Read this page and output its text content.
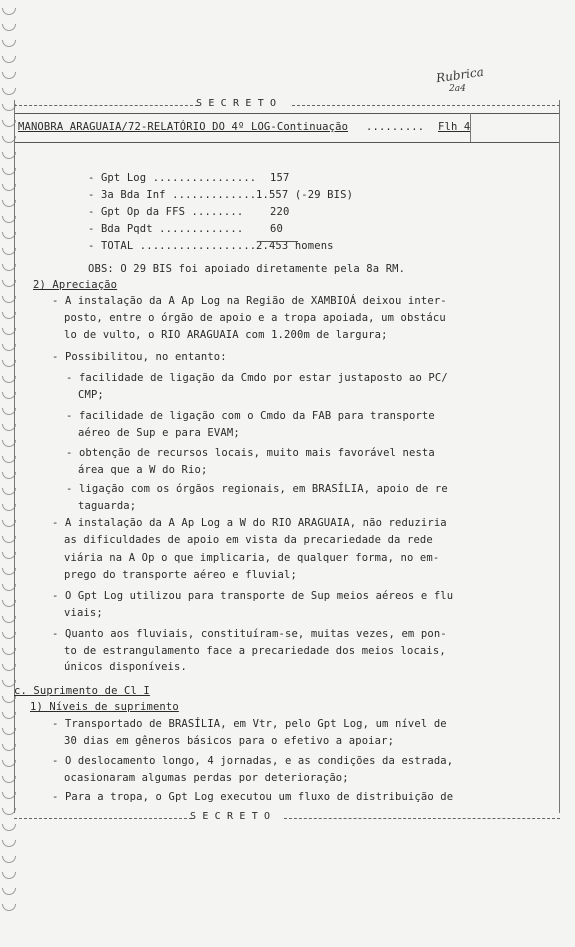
Rubrica
2a4
S E C R E T O
MANOBRA ARAGUAIA/72-RELATÓRIO DO 4º LOG-Continuação ......... Flh 4
- Gpt Log ................ 157
- 3a Bda Inf ............. 1.557 (-29 BIS)
- Gpt Op da FFS ........	220
- Bda Pqdt .............	60
- TOTAL .................. 2.453 homens
OBS: O 29 BIS foi apoiado diretamente pela 8a RM.
2) Apreciação
- A instalação da A Ap Log na Região de XAMBIOÁ deixou inter-
posto, entre o órgão de apoio e a tropa apoiada, um obstácu
lo de vulto, o RIO ARAGUAIA com 1.200m de largura;
- Possibilitou, no entanto:
- facilidade de ligação da Cmdo por estar justaposto ao PC/
CMP;
- facilidade de ligação com o Cmdo da FAB para transporte
aéreo de Sup e para EVAM;
- obtenção de recursos locais, muito mais favorável nesta
área que a W do Rio;
- ligação com os órgãos regionais, em BRASÍLIA, apoio de re
taguarda;
- A instalação da A Ap Log a W do RIO ARAGUAIA, não reduziria
as dificuldades de apoio em vista da precariedade da rede
viária na A Op o que implicaria, de qualquer forma, no em-
prego do transporte aéreo e fluvial;
- O Gpt Log utilizou para transporte de Sup meios aéreos e flu
viais;
- Quanto aos fluviais, constituíram-se, muitas vezes, em pon-
to de estrangulamento face a precariedade dos meios locais,
únicos disponíveis.
c. Suprimento de Cl I
1) Níveis de suprimento
- Transportado de BRASÍLIA, em Vtr, pelo Gpt Log, um nível de
30 dias em gêneros básicos para o efetivo a apoiar;
- O deslocamento longo, 4 jornadas, e as condições da estrada,
ocasionaram algumas perdas por deterioração;
- Para a tropa, o Gpt Log executou um fluxo de distribuição de
S E C R E T O
